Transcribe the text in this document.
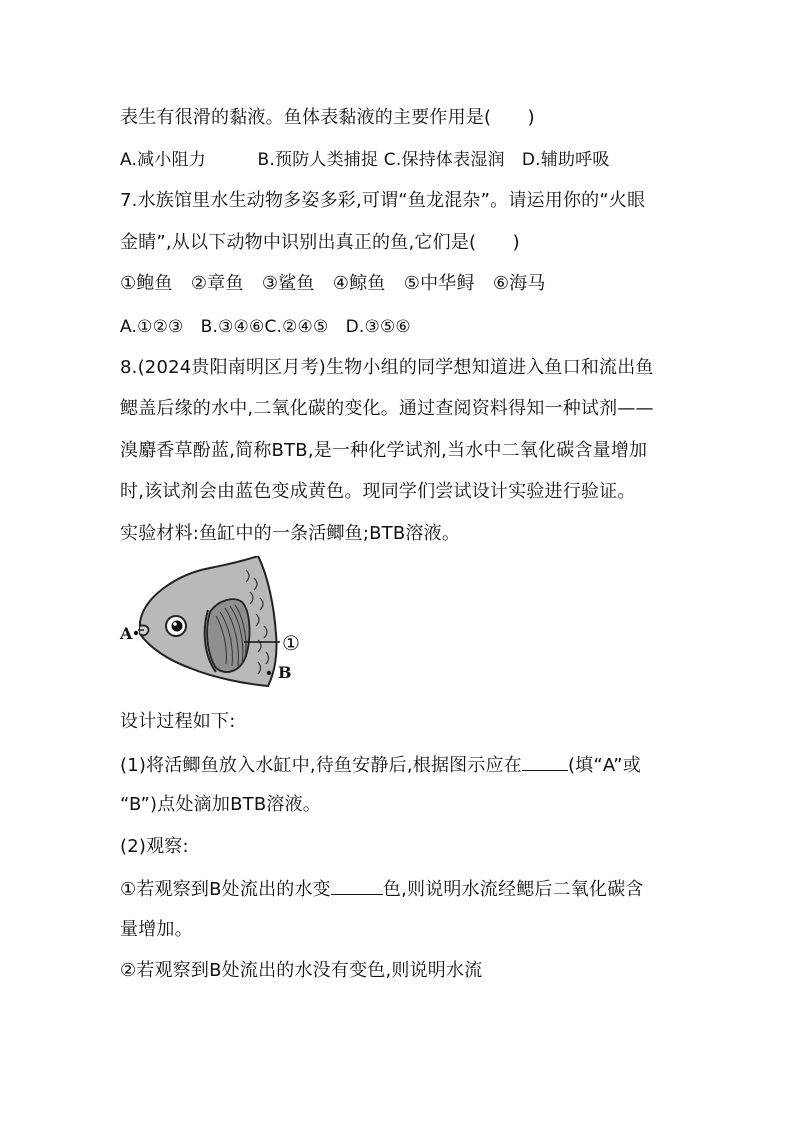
表生有很滑的黏液。鱼体表黏液的主要作用是(　　)
A.减小阻力　　　B.预防人类捕捉 C.保持体表湿润　D.辅助呼吸
7.水族馆里水生动物多姿多彩,可谓“鱼龙混杂”。请运用你的“火眼
金睛”,从以下动物中识别出真正的鱼,它们是(　　)
①鲍鱼　②章鱼　③鲨鱼　④鲸鱼　⑤中华鲟　⑥海马
A.①②③　B.③④⑥C.②④⑤　D.③⑤⑥
8.(2024贵阳南明区月考)生物小组的同学想知道进入鱼口和流出鱼
鳃盖后缘的水中,二氧化碳的变化。通过查阅资料得知一种试剂——
溴麝香草酚蓝,简称BTB,是一种化学试剂,当水中二氧化碳含量增加
时,该试剂会由蓝色变成黄色。现同学们尝试设计实验进行验证。
实验材料:鱼缸中的一条活鲫鱼;BTB溶液。
A
B
①
设计过程如下:
(1)将活鲫鱼放入水缸中,待鱼安静后,根据图示应在	(填“A”或
“B”)点处滴加BTB溶液。
(2)观察:
①若观察到B处流出的水变	色,则说明水流经鳃后二氧化碳含
量增加。
②若观察到B处流出的水没有变色,则说明水流
